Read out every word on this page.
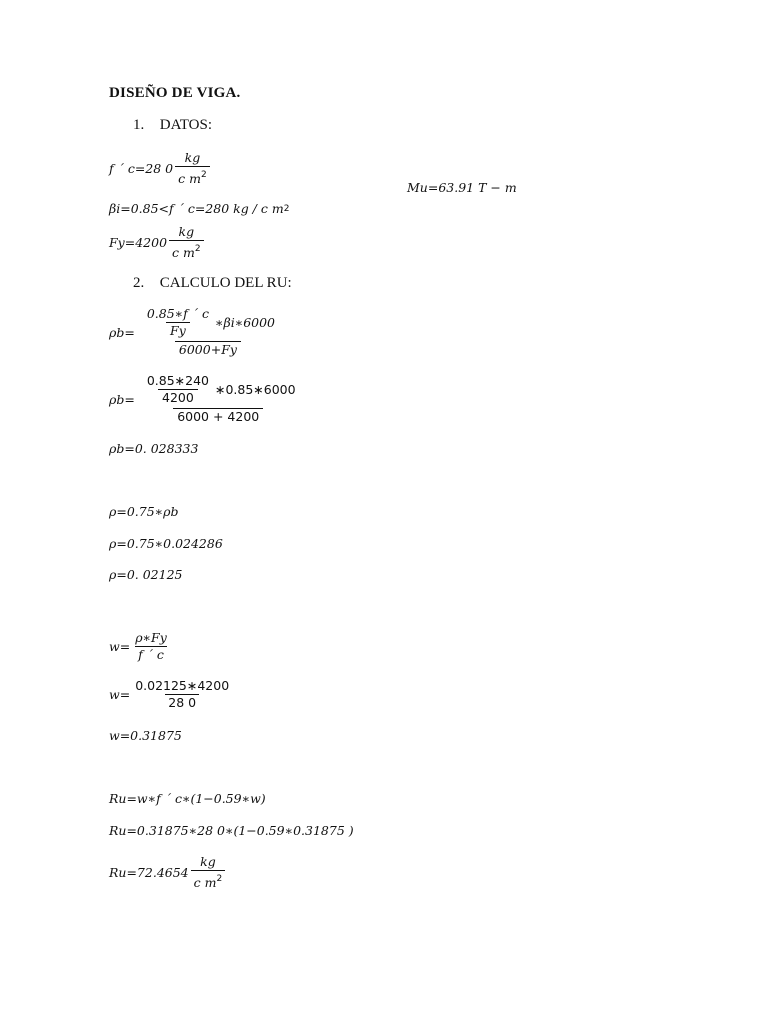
DISEÑO DE VIGA.
1. DATOS:
f ´ c=28 $0 \frac{kg}{c m^2}$
Mu=63.91 T − m
βi=0.85<f ´ c=280 kg / c m 2
$Fy=4200 \frac{kg}{c m^2}$
2. CALCULO DEL RU:
$\rho b= \frac{\frac{0.85∗f ´ c}{Fy} ∗\beta i∗6000}{6000+Fy}$
$\rho b= \frac{\frac{0.85∗240}{4200} ∗0.85∗6000}{6000 + 4200}$
ρb=0. 028333
ρ=0.75∗ρb
ρ=0.75∗0.024286
ρ=0. 02125
$w= \frac{\rho∗Fy}{f ´ c}$
$w= \frac{0.02125∗4200}{28 0}$
w=0.31875
Ru=w∗f ´ c∗(1−0.59∗w)
Ru=0.31875∗28 0∗(1−0.59∗0.31875 )
$Ru=72.4654 \frac{kg}{c m^2}$
